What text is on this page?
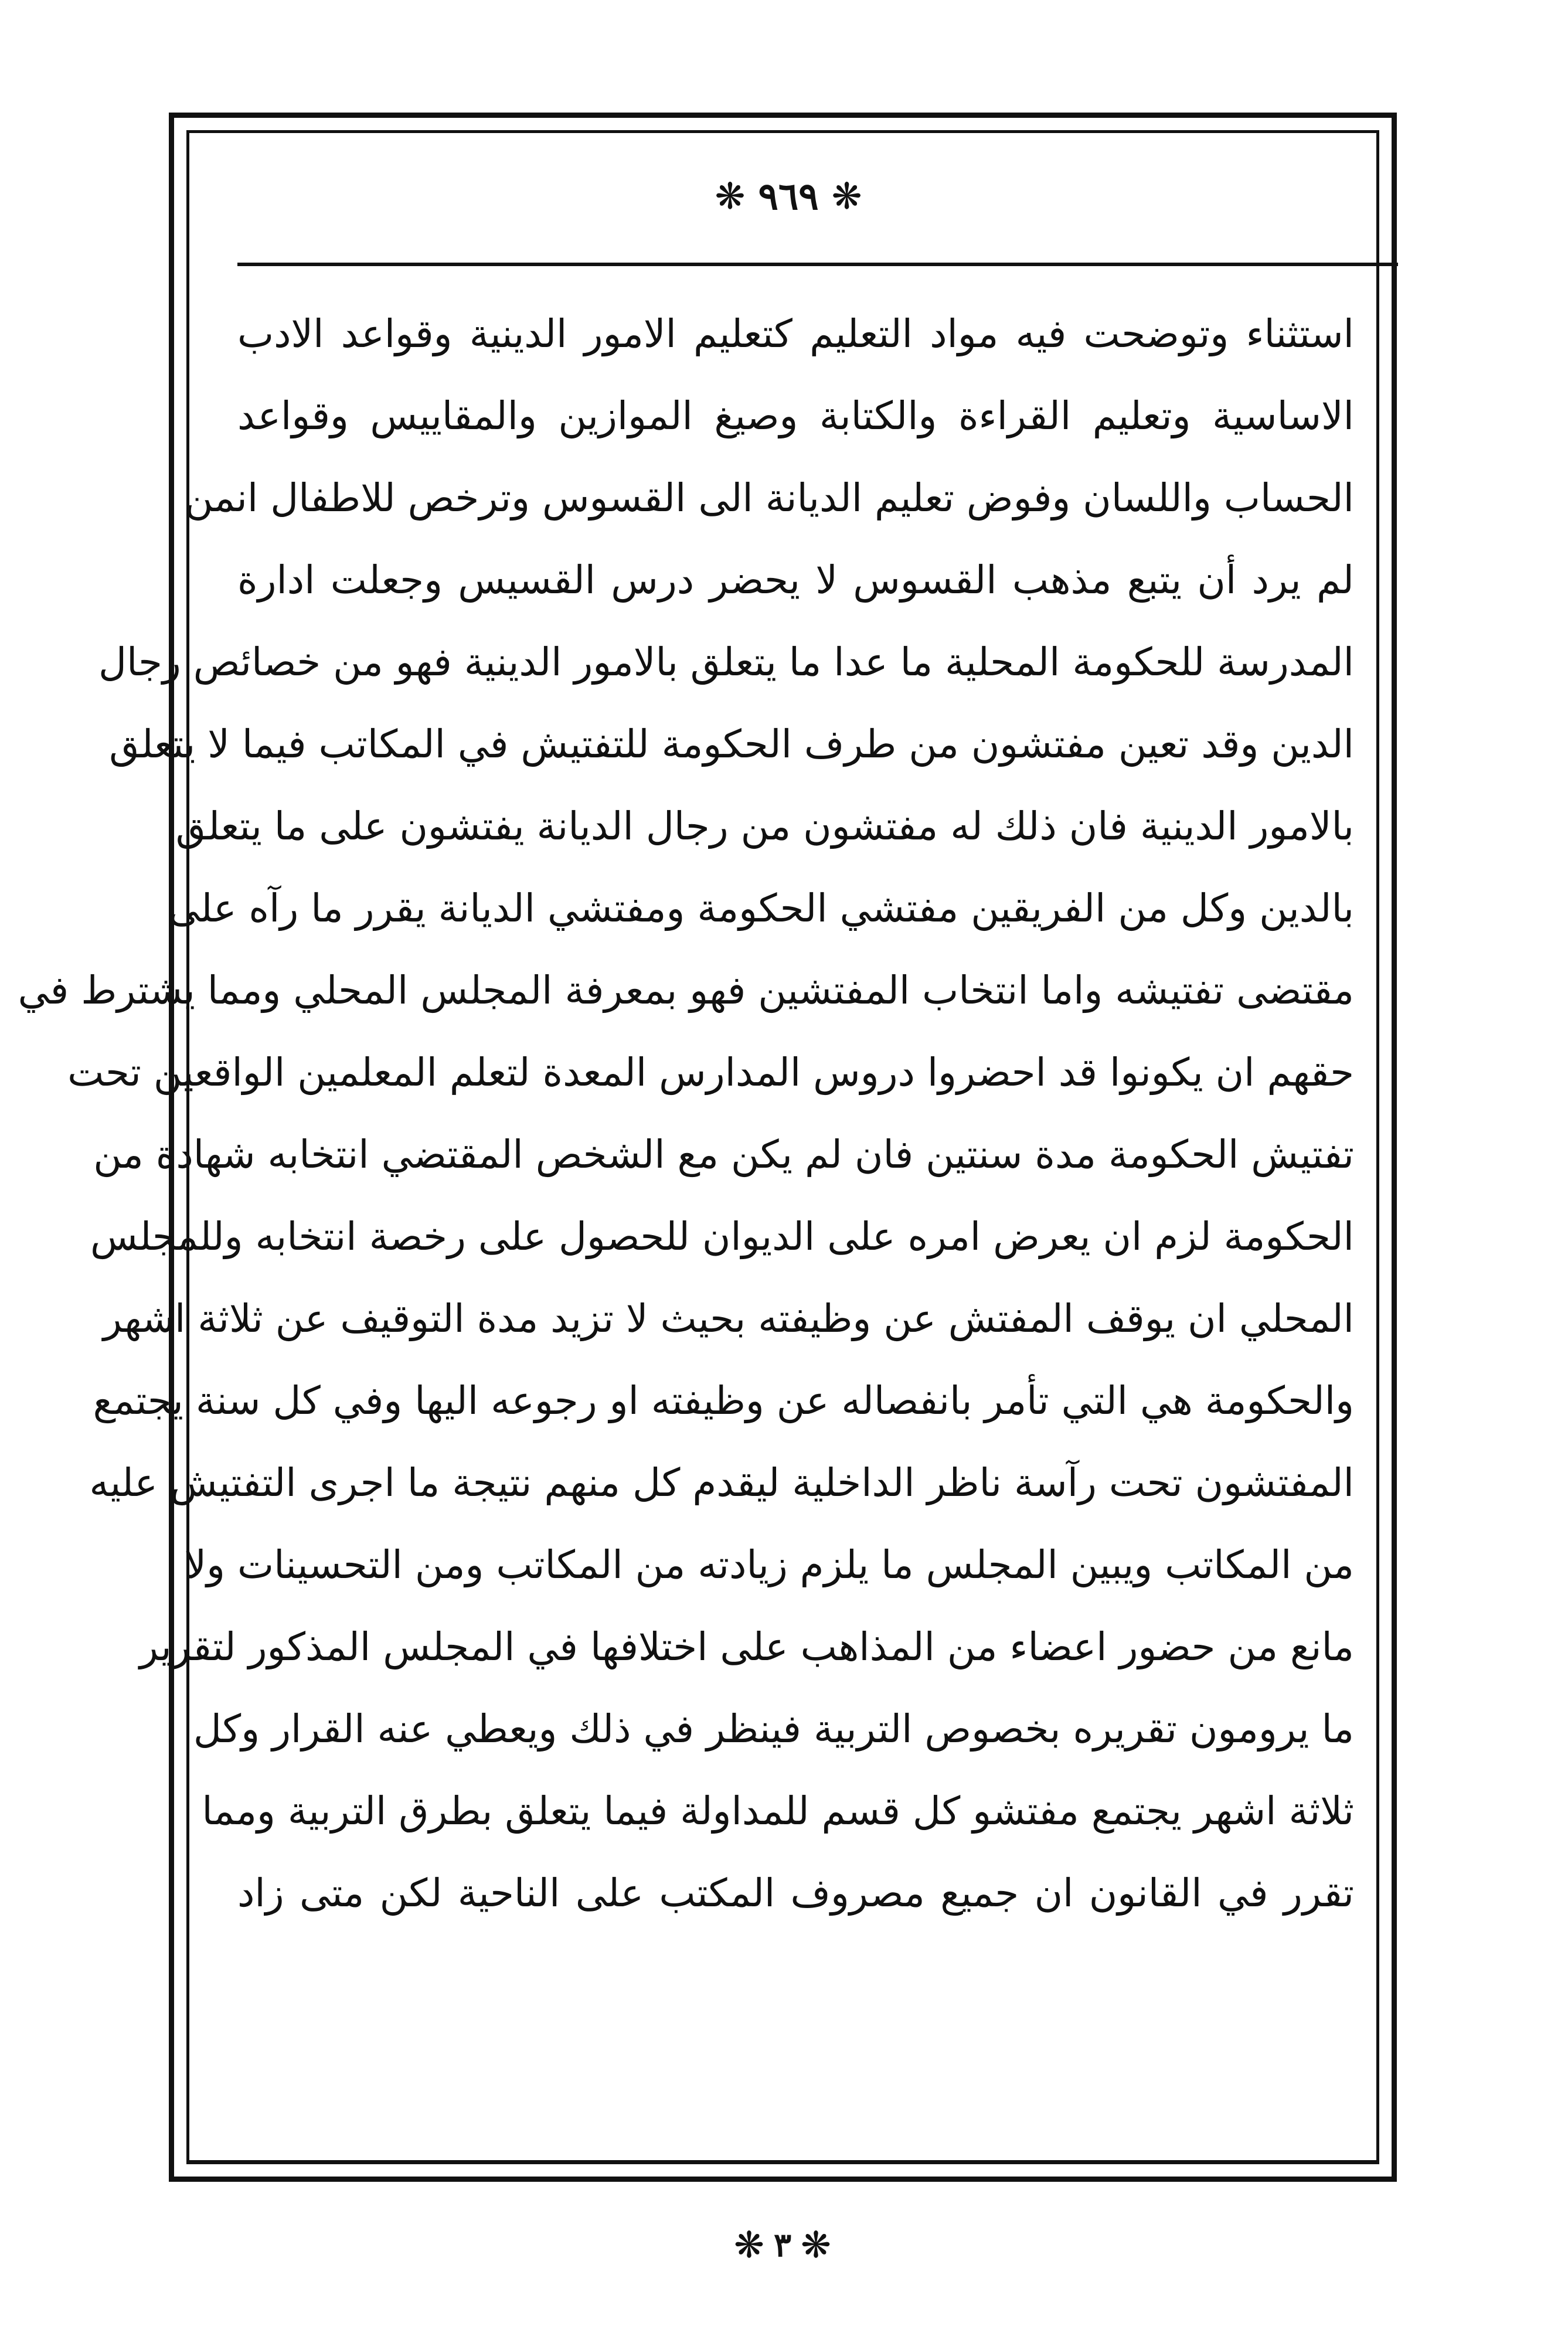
❋ ٩٦٩ ❋
استثناء وتوضحت فيه مواد التعليم كتعليم الامور الدينية وقواعد الادب
الاساسية وتعليم القراءة والكتابة وصيغ الموازين والمقاييس وقواعد
الحساب واللسان وفوض تعليم الديانة الى القسوس وترخص للاطفال انمن
لم يرد أن يتبع مذهب القسوس لا يحضر درس القسيس وجعلت ادارة
المدرسة للحكومة المحلية ما عدا ما يتعلق بالامور الدينية فهو من خصائص رجال
الدين وقد تعين مفتشون من طرف الحكومة للتفتيش في المكاتب فيما لا يتعلق
بالامور الدينية فان ذلك له مفتشون من رجال الديانة يفتشون على ما يتعلق
بالدين وكل من الفريقين مفتشي الحكومة ومفتشي الديانة يقرر ما رآه على
مقتضى تفتيشه واما انتخاب المفتشين فهو بمعرفة المجلس المحلي ومما يشترط في
حقهم ان يكونوا قد احضروا دروس المدارس المعدة لتعلم المعلمين الواقعين تحت
تفتيش الحكومة مدة سنتين فان لم يكن مع الشخص المقتضي انتخابه شهادة من
الحكومة لزم ان يعرض امره على الديوان للحصول على رخصة انتخابه وللمجلس
المحلي ان يوقف المفتش عن وظيفته بحيث لا تزيد مدة التوقيف عن ثلاثة اشهر
والحكومة هي التي تأمر بانفصاله عن وظيفته او رجوعه اليها وفي كل سنة يجتمع
المفتشون تحت رآسة ناظر الداخلية ليقدم كل منهم نتيجة ما اجرى التفتيش عليه
من المكاتب ويبين المجلس ما يلزم زيادته من المكاتب ومن التحسينات ولا
مانع من حضور اعضاء من المذاهب على اختلافها في المجلس المذكور لتقرير
ما يرومون تقريره بخصوص التربية فينظر في ذلك ويعطي عنه القرار وكل
ثلاثة اشهر يجتمع مفتشو كل قسم للمداولة فيما يتعلق بطرق التربية ومما
تقرر في القانون ان جميع مصروف المكتب على الناحية لكن متى زاد
❋ ٣ ❋
